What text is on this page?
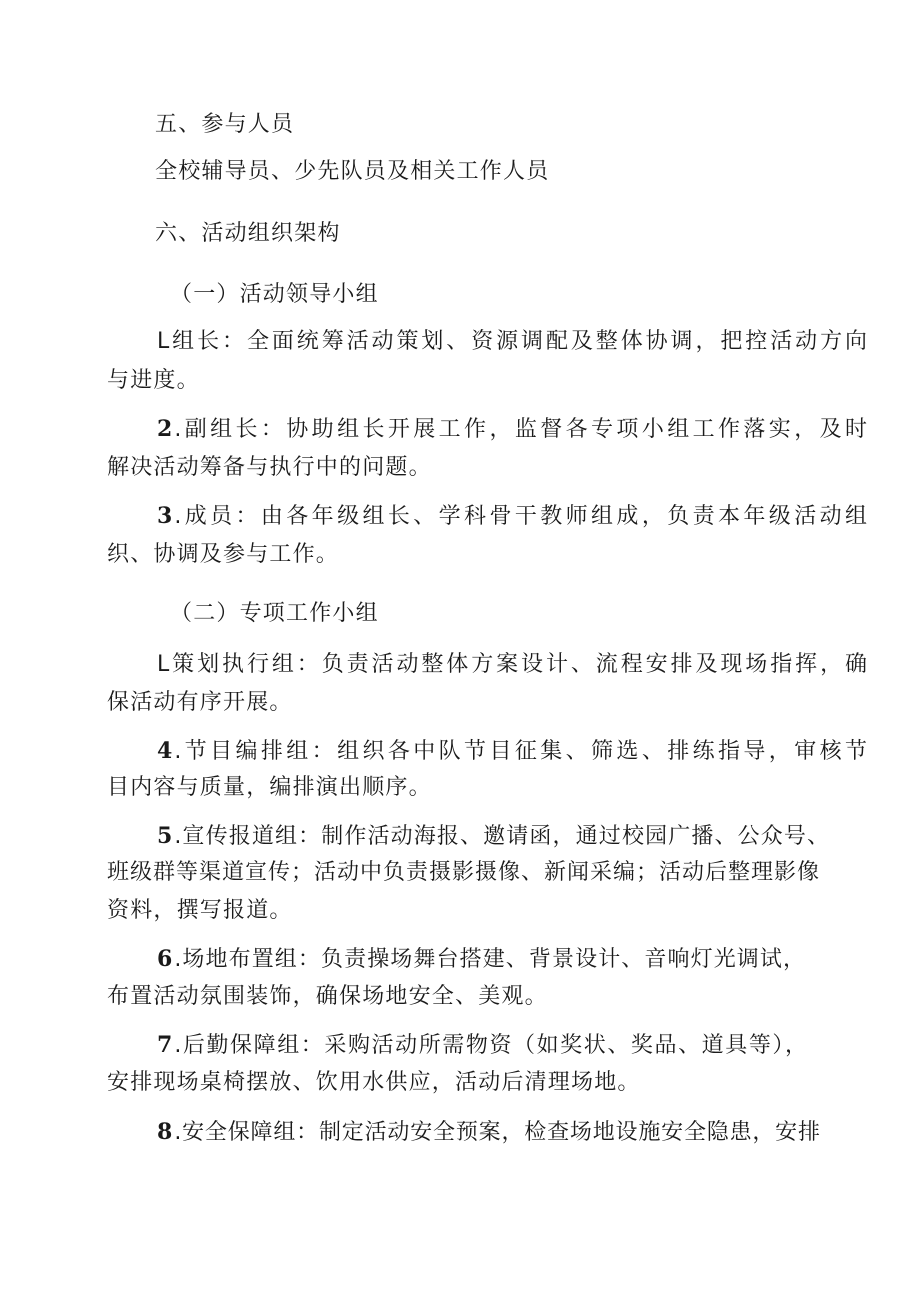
五、参与人员
全校辅导员、少先队员及相关工作人员
六、活动组织架构
（一）活动领导小组
L组长：全面统筹活动策划、资源调配及整体协调，把控活动方向
与进度。
2.副组长：协助组长开展工作，监督各专项小组工作落实，及时
解决活动筹备与执行中的问题。
3.成员：由各年级组长、学科骨干教师组成，负责本年级活动组
织、协调及参与工作。
（二）专项工作小组
L策划执行组：负责活动整体方案设计、流程安排及现场指挥，确
保活动有序开展。
4.节目编排组：组织各中队节目征集、筛选、排练指导，审核节
目内容与质量，编排演出顺序。
5.宣传报道组：制作活动海报、邀请函，通过校园广播、公众号、
班级群等渠道宣传；活动中负责摄影摄像、新闻采编；活动后整理影像
资料，撰写报道。
6.场地布置组：负责操场舞台搭建、背景设计、音响灯光调试，
布置活动氛围装饰，确保场地安全、美观。
7.后勤保障组：采购活动所需物资（如奖状、奖品、道具等），
安排现场桌椅摆放、饮用水供应，活动后清理场地。
8.安全保障组：制定活动安全预案，检查场地设施安全隐患，安排
